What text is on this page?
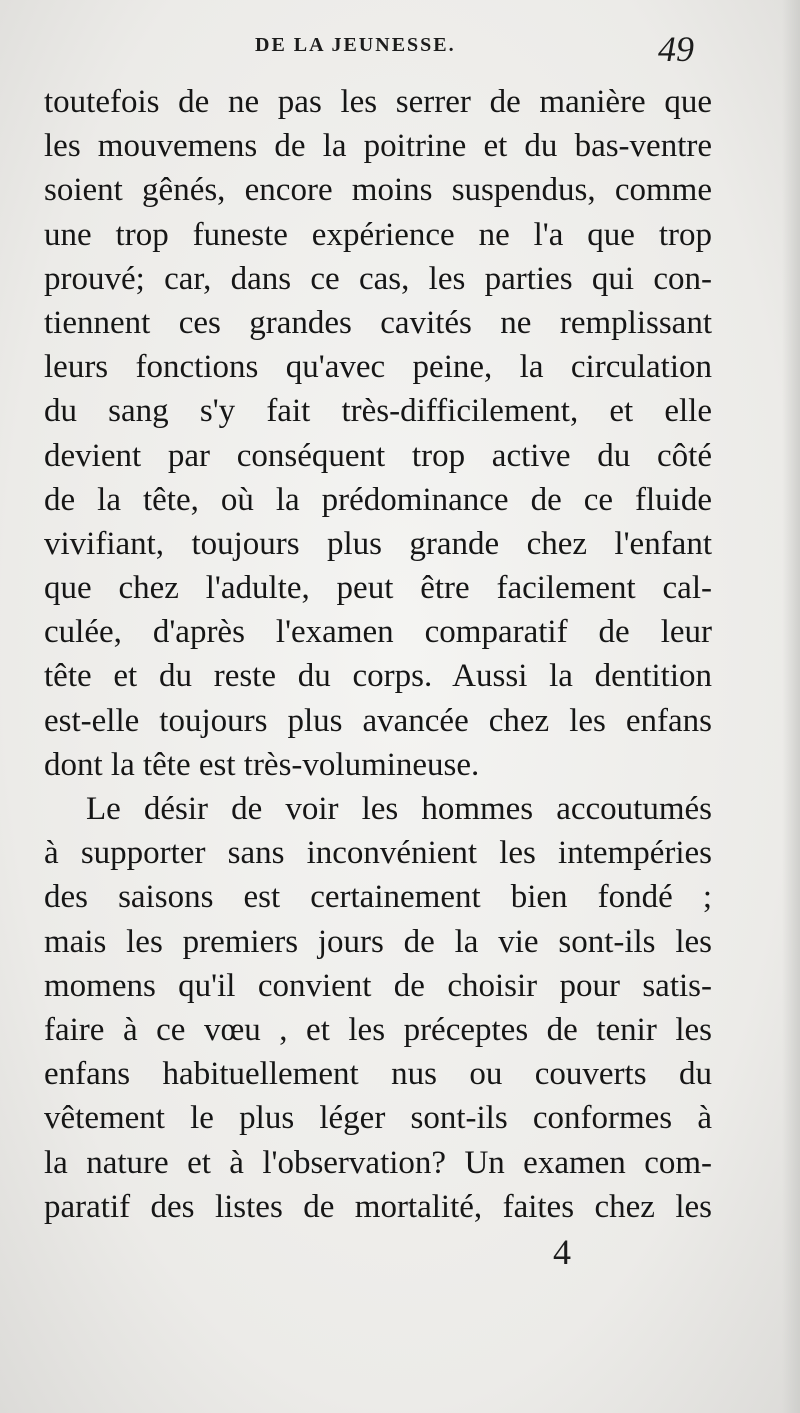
DE LA JEUNESSE.	49
toutefois de ne pas les serrer de manière que
les mouvemens de la poitrine et du bas-ventre
soient gênés, encore moins suspendus, comme
une trop funeste expérience ne l'a que trop
prouvé; car, dans ce cas, les parties qui con-
tiennent ces grandes cavités ne remplissant
leurs fonctions qu'avec peine, la circulation
du sang s'y fait très-difficilement, et elle
devient par conséquent trop active du côté
de la tête, où la prédominance de ce fluide
vivifiant, toujours plus grande chez l'enfant
que chez l'adulte, peut être facilement cal-
culée, d'après l'examen comparatif de leur
tête et du reste du corps. Aussi la dentition
est-elle toujours plus avancée chez les enfans
dont la tête est très-volumineuse.
Le désir de voir les hommes accoutumés
à supporter sans inconvénient les intempéries
des saisons est certainement bien fondé ;
mais les premiers jours de la vie sont-ils les
momens qu'il convient de choisir pour satis-
faire à ce vœu , et les préceptes de tenir les
enfans habituellement nus ou couverts du
vêtement le plus léger sont-ils conformes à
la nature et à l'observation? Un examen com-
paratif des listes de mortalité, faites chez les
4
